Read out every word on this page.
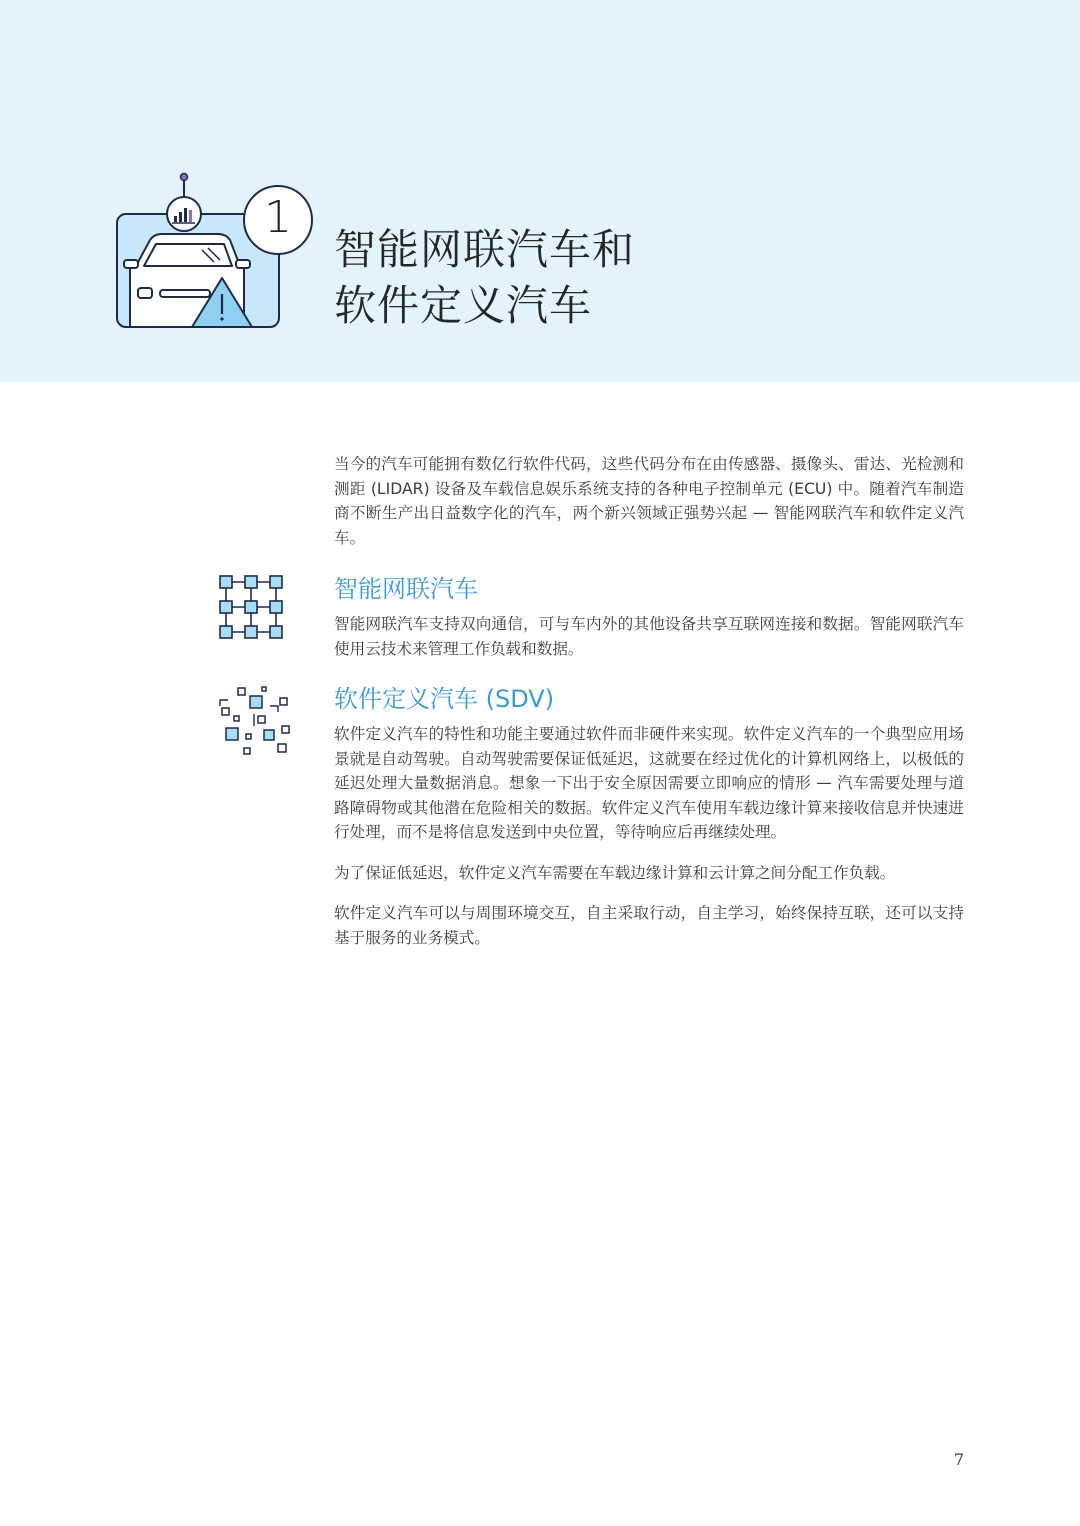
1
智能网联汽车和
软件定义汽车

当今的汽车可能拥有数亿行软件代码，这些代码分布在由传感器、摄像头、雷达、光检测和测距 (LIDAR) 设备及车载信息娱乐系统支持的各种电子控制单元 (ECU) 中。随着汽车制造商不断生产出日益数字化的汽车，两个新兴领域正强势兴起 — 智能网联汽车和软件定义汽车。

智能网联汽车

智能网联汽车支持双向通信，可与车内外的其他设备共享互联网连接和数据。智能网联汽车使用云技术来管理工作负载和数据。

软件定义汽车 (SDV)

软件定义汽车的特性和功能主要通过软件而非硬件来实现。软件定义汽车的一个典型应用场景就是自动驾驶。自动驾驶需要保证低延迟，这就要在经过优化的计算机网络上，以极低的延迟处理大量数据消息。想象一下出于安全原因需要立即响应的情形 — 汽车需要处理与道路障碍物或其他潜在危险相关的数据。软件定义汽车使用车载边缘计算来接收信息并快速进行处理，而不是将信息发送到中央位置，等待响应后再继续处理。

为了保证低延迟，软件定义汽车需要在车载边缘计算和云计算之间分配工作负载。

软件定义汽车可以与周围环境交互，自主采取行动，自主学习，始终保持互联，还可以支持基于服务的业务模式。

7
